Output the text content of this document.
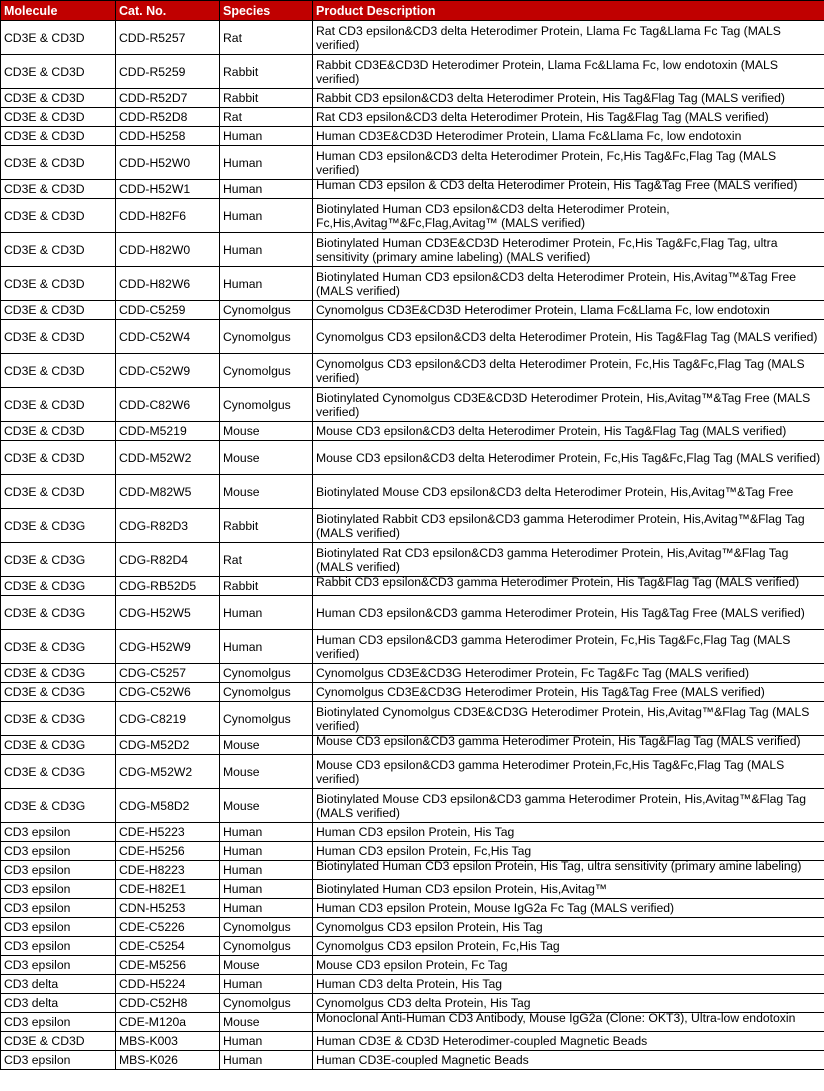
Molecule	Cat. No.	Species	Product Description
CD3E & CD3D	CDD-R5257	Rat	Rat CD3 epsilon&CD3 delta Heterodimer Protein, Llama Fc Tag&Llama Fc Tag (MALS verified)
CD3E & CD3D	CDD-R5259	Rabbit	Rabbit CD3E&CD3D Heterodimer Protein, Llama Fc&Llama Fc, low endotoxin (MALS verified)
CD3E & CD3D	CDD-R52D7	Rabbit	Rabbit CD3 epsilon&CD3 delta Heterodimer Protein, His Tag&Flag Tag (MALS verified)
CD3E & CD3D	CDD-R52D8	Rat	Rat CD3 epsilon&CD3 delta Heterodimer Protein, His Tag&Flag Tag (MALS verified)
CD3E & CD3D	CDD-H5258	Human	Human CD3E&CD3D Heterodimer Protein, Llama Fc&Llama Fc, low endotoxin
CD3E & CD3D	CDD-H52W0	Human	Human CD3 epsilon&CD3 delta Heterodimer Protein, Fc,His Tag&Fc,Flag Tag (MALS verified)
CD3E & CD3D	CDD-H52W1	Human	Human CD3 epsilon & CD3 delta Heterodimer Protein, His Tag&Tag Free (MALS verified)
CD3E & CD3D	CDD-H82F6	Human	Biotinylated Human CD3 epsilon&CD3 delta Heterodimer Protein, Fc,His,Avitag™&Fc,Flag,Avitag™ (MALS verified)
CD3E & CD3D	CDD-H82W0	Human	Biotinylated Human CD3E&CD3D Heterodimer Protein, Fc,His Tag&Fc,Flag Tag, ultra sensitivity (primary amine labeling) (MALS verified)
CD3E & CD3D	CDD-H82W6	Human	Biotinylated Human CD3 epsilon&CD3 delta Heterodimer Protein, His,Avitag™&Tag Free (MALS verified)
CD3E & CD3D	CDD-C5259	Cynomolgus	Cynomolgus CD3E&CD3D Heterodimer Protein, Llama Fc&Llama Fc, low endotoxin
CD3E & CD3D	CDD-C52W4	Cynomolgus	Cynomolgus CD3 epsilon&CD3 delta Heterodimer Protein, His Tag&Flag Tag (MALS verified)
CD3E & CD3D	CDD-C52W9	Cynomolgus	Cynomolgus CD3 epsilon&CD3 delta Heterodimer Protein, Fc,His Tag&Fc,Flag Tag (MALS verified)
CD3E & CD3D	CDD-C82W6	Cynomolgus	Biotinylated Cynomolgus CD3E&CD3D Heterodimer Protein, His,Avitag™&Tag Free (MALS verified)
CD3E & CD3D	CDD-M5219	Mouse	Mouse CD3 epsilon&CD3 delta Heterodimer Protein, His Tag&Flag Tag (MALS verified)
CD3E & CD3D	CDD-M52W2	Mouse	Mouse CD3 epsilon&CD3 delta Heterodimer Protein, Fc,His Tag&Fc,Flag Tag (MALS verified)
CD3E & CD3D	CDD-M82W5	Mouse	Biotinylated Mouse CD3 epsilon&CD3 delta Heterodimer Protein, His,Avitag™&Tag Free
CD3E & CD3G	CDG-R82D3	Rabbit	Biotinylated Rabbit CD3 epsilon&CD3 gamma Heterodimer Protein, His,Avitag™&Flag Tag (MALS verified)
CD3E & CD3G	CDG-R82D4	Rat	Biotinylated Rat CD3 epsilon&CD3 gamma Heterodimer Protein, His,Avitag™&Flag Tag (MALS verified)
CD3E & CD3G	CDG-RB52D5	Rabbit	Rabbit CD3 epsilon&CD3 gamma Heterodimer Protein, His Tag&Flag Tag (MALS verified)
CD3E & CD3G	CDG-H52W5	Human	Human CD3 epsilon&CD3 gamma Heterodimer Protein, His Tag&Tag Free (MALS verified)
CD3E & CD3G	CDG-H52W9	Human	Human CD3 epsilon&CD3 gamma Heterodimer Protein, Fc,His Tag&Fc,Flag Tag (MALS verified)
CD3E & CD3G	CDG-C5257	Cynomolgus	Cynomolgus CD3E&CD3G Heterodimer Protein, Fc Tag&Fc Tag (MALS verified)
CD3E & CD3G	CDG-C52W6	Cynomolgus	Cynomolgus CD3E&CD3G Heterodimer Protein, His Tag&Tag Free (MALS verified)
CD3E & CD3G	CDG-C8219	Cynomolgus	Biotinylated Cynomolgus CD3E&CD3G Heterodimer Protein, His,Avitag™&Flag Tag (MALS verified)
CD3E & CD3G	CDG-M52D2	Mouse	Mouse CD3 epsilon&CD3 gamma Heterodimer Protein, His Tag&Flag Tag (MALS verified)
CD3E & CD3G	CDG-M52W2	Mouse	Mouse CD3 epsilon&CD3 gamma Heterodimer Protein,Fc,His Tag&Fc,Flag Tag (MALS verified)
CD3E & CD3G	CDG-M58D2	Mouse	Biotinylated Mouse CD3 epsilon&CD3 gamma Heterodimer Protein, His,Avitag™&Flag Tag (MALS verified)
CD3 epsilon	CDE-H5223	Human	Human CD3 epsilon Protein, His Tag
CD3 epsilon	CDE-H5256	Human	Human CD3 epsilon Protein, Fc,His Tag
CD3 epsilon	CDE-H8223	Human	Biotinylated Human CD3 epsilon Protein, His Tag, ultra sensitivity (primary amine labeling)
CD3 epsilon	CDE-H82E1	Human	Biotinylated Human CD3 epsilon Protein, His,Avitag™
CD3 epsilon	CDN-H5253	Human	Human CD3 epsilon Protein, Mouse IgG2a Fc Tag (MALS verified)
CD3 epsilon	CDE-C5226	Cynomolgus	Cynomolgus CD3 epsilon Protein, His Tag
CD3 epsilon	CDE-C5254	Cynomolgus	Cynomolgus CD3 epsilon Protein, Fc,His Tag
CD3 epsilon	CDE-M5256	Mouse	Mouse CD3 epsilon Protein, Fc Tag
CD3 delta	CDD-H5224	Human	Human CD3 delta Protein, His Tag
CD3 delta	CDD-C52H8	Cynomolgus	Cynomolgus CD3 delta Protein, His Tag
CD3 epsilon	CDE-M120a	Mouse	Monoclonal Anti-Human CD3 Antibody, Mouse IgG2a (Clone: OKT3), Ultra-low endotoxin
CD3E & CD3D	MBS-K003	Human	Human CD3E & CD3D Heterodimer-coupled Magnetic Beads
CD3 epsilon	MBS-K026	Human	Human CD3E-coupled Magnetic Beads
